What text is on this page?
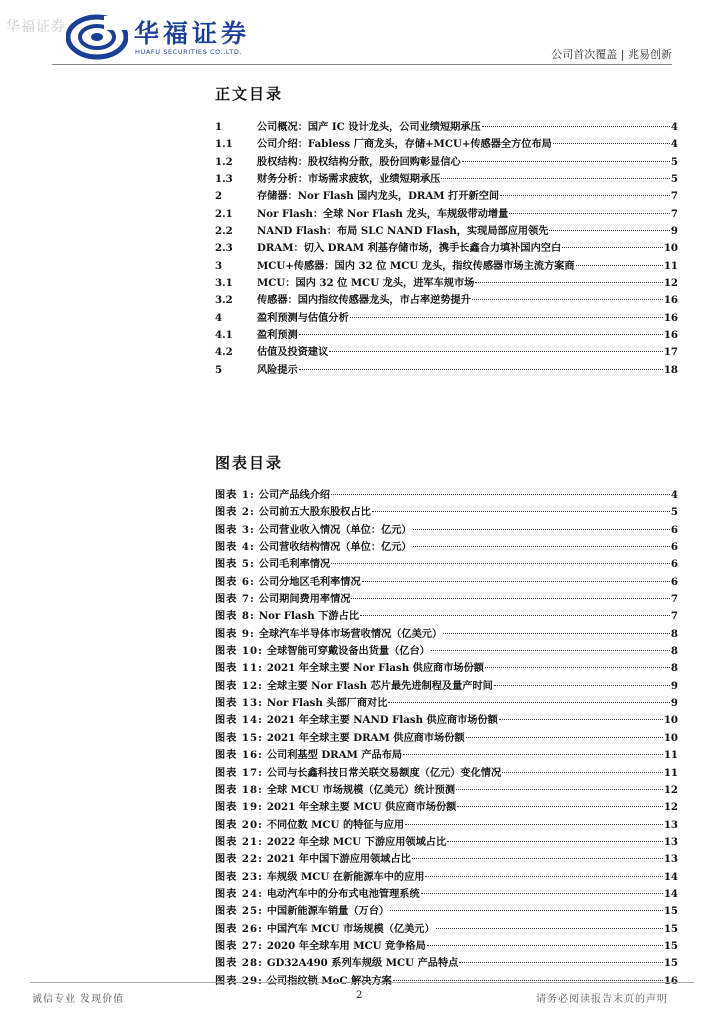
华福证券	华福证券
HUAFU SECURITIES CO.,LTD.	公司首次覆盖 | 兆易创新
正文目录
1	公司概况：国产 IC 设计龙头，公司业绩短期承压	4
1.1	公司介绍：Fabless 厂商龙头，存储+MCU+传感器全方位布局	4
1.2	股权结构：股权结构分散，股份回购彰显信心	5
1.3	财务分析：市场需求疲软，业绩短期承压	5
2	存储器：Nor Flash 国内龙头，DRAM 打开新空间	7
2.1	Nor Flash：全球 Nor Flash 龙头，车规级带动增量	7
2.2	NAND Flash：布局 SLC NAND Flash，实现局部应用领先	9
2.3	DRAM：切入 DRAM 利基存储市场，携手长鑫合力填补国内空白	10
3	MCU+传感器：国内 32 位 MCU 龙头，指纹传感器市场主流方案商	11
3.1	MCU：国内 32 位 MCU 龙头，进军车规市场	12
3.2	传感器：国内指纹传感器龙头，市占率逆势提升	16
4	盈利预测与估值分析	16
4.1	盈利预测	16
4.2	估值及投资建议	17
5	风险提示	18
图表目录
图表 1: 公司产品线介绍	4
图表 2: 公司前五大股东股权占比	5
图表 3: 公司营业收入情况（单位：亿元）	6
图表 4: 公司营收结构情况（单位：亿元）	6
图表 5: 公司毛利率情况	6
图表 6: 公司分地区毛利率情况	6
图表 7: 公司期间费用率情况	7
图表 8: Nor Flash 下游占比	7
图表 9: 全球汽车半导体市场营收情况（亿美元）	8
图表 10: 全球智能可穿戴设备出货量（亿台）	8
图表 11: 2021 年全球主要 Nor Flash 供应商市场份额	8
图表 12: 全球主要 Nor Flash 芯片最先进制程及量产时间	9
图表 13: Nor Flash 头部厂商对比	9
图表 14: 2021 年全球主要 NAND Flash 供应商市场份额	10
图表 15: 2021 年全球主要 DRAM 供应商市场份额	10
图表 16: 公司利基型 DRAM 产品布局	11
图表 17: 公司与长鑫科技日常关联交易额度（亿元）变化情况	11
图表 18: 全球 MCU 市场规模（亿美元）统计预测	12
图表 19: 2021 年全球主要 MCU 供应商市场份额	12
图表 20: 不同位数 MCU 的特征与应用	13
图表 21: 2022 年全球 MCU 下游应用领域占比	13
图表 22: 2021 年中国下游应用领域占比	13
图表 23: 车规级 MCU 在新能源车中的应用	14
图表 24: 电动汽车中的分布式电池管理系统	14
图表 25: 中国新能源车销量（万台）	15
图表 26: 中国汽车 MCU 市场规模（亿美元）	15
图表 27: 2020 年全球车用 MCU 竞争格局	15
图表 28: GD32A490 系列车规级 MCU 产品特点	15
图表 29: 公司指纹锁 MoC 解决方案	16
诚信专业 发现价值	2	请务必阅读报告末页的声明
